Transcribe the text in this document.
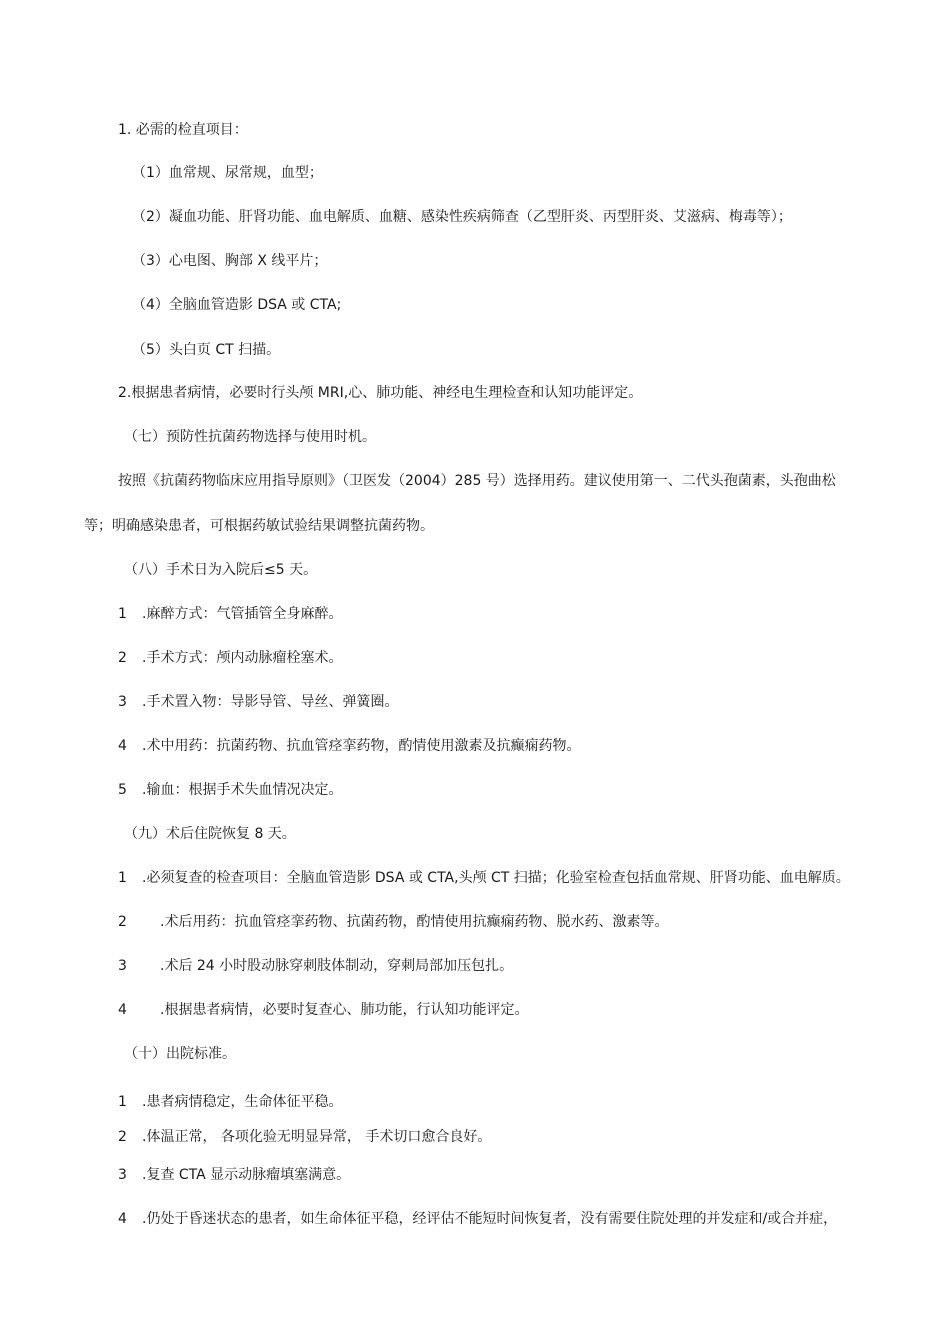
1. 必需的检直项目：
（1）血常规、尿常规，血型；
（2）凝血功能、肝肾功能、血电解质、血糖、感染性疾病筛查（乙型肝炎、丙型肝炎、艾滋病、梅毒等）；
（3）心电图、胸部 X 线平片；
（4）全脑血管造影 DSA 或 CTA;
（5）头白页 CT 扫描。
2.根据患者病情，必要时行头颅 MRI,心、肺功能、神经电生理检查和认知功能评定。
（七）预防性抗菌药物选择与使用时机。
按照《抗菌药物临床应用指导原则》（卫医发（2004）285 号）选择用药。建议使用第一、二代头孢菌素，头孢曲松
等；明确感染患者，可根据药敏试验结果调整抗菌药物。
（八）手术日为入院后≤5 天。
1 .麻醉方式：气管插管全身麻醉。
2 .手术方式：颅内动脉瘤栓塞术。
3 .手术置入物：导影导管、导丝、弹簧圈。
4 .术中用药：抗菌药物、抗血管痉挛药物，酌情使用激素及抗癫痫药物。
5 .输血：根据手术失血情况决定。
（九）术后住院恢复 8 天。
1 .必须复查的检查项目：全脑血管造影 DSA 或 CTA,头颅 CT 扫描；化验室检查包括血常规、肝肾功能、血电解质。
2 .术后用药：抗血管痉挛药物、抗菌药物，酌情使用抗癫痫药物、脱水药、激素等。
3 .术后 24 小时股动脉穿刺肢体制动，穿刺局部加压包扎。
4 .根据患者病情，必要时复查心、肺功能，行认知功能评定。
（十）出院标准。
1 .患者病情稳定，生命体征平稳。
2 .体温正常， 各项化验无明显异常， 手术切口愈合良好。
3 .复查 CTA 显示动脉瘤填塞满意。
4 .仍处于昏迷状态的患者，如生命体征平稳，经评估不能短时间恢复者，没有需要住院处理的并发症和/或合并症，
